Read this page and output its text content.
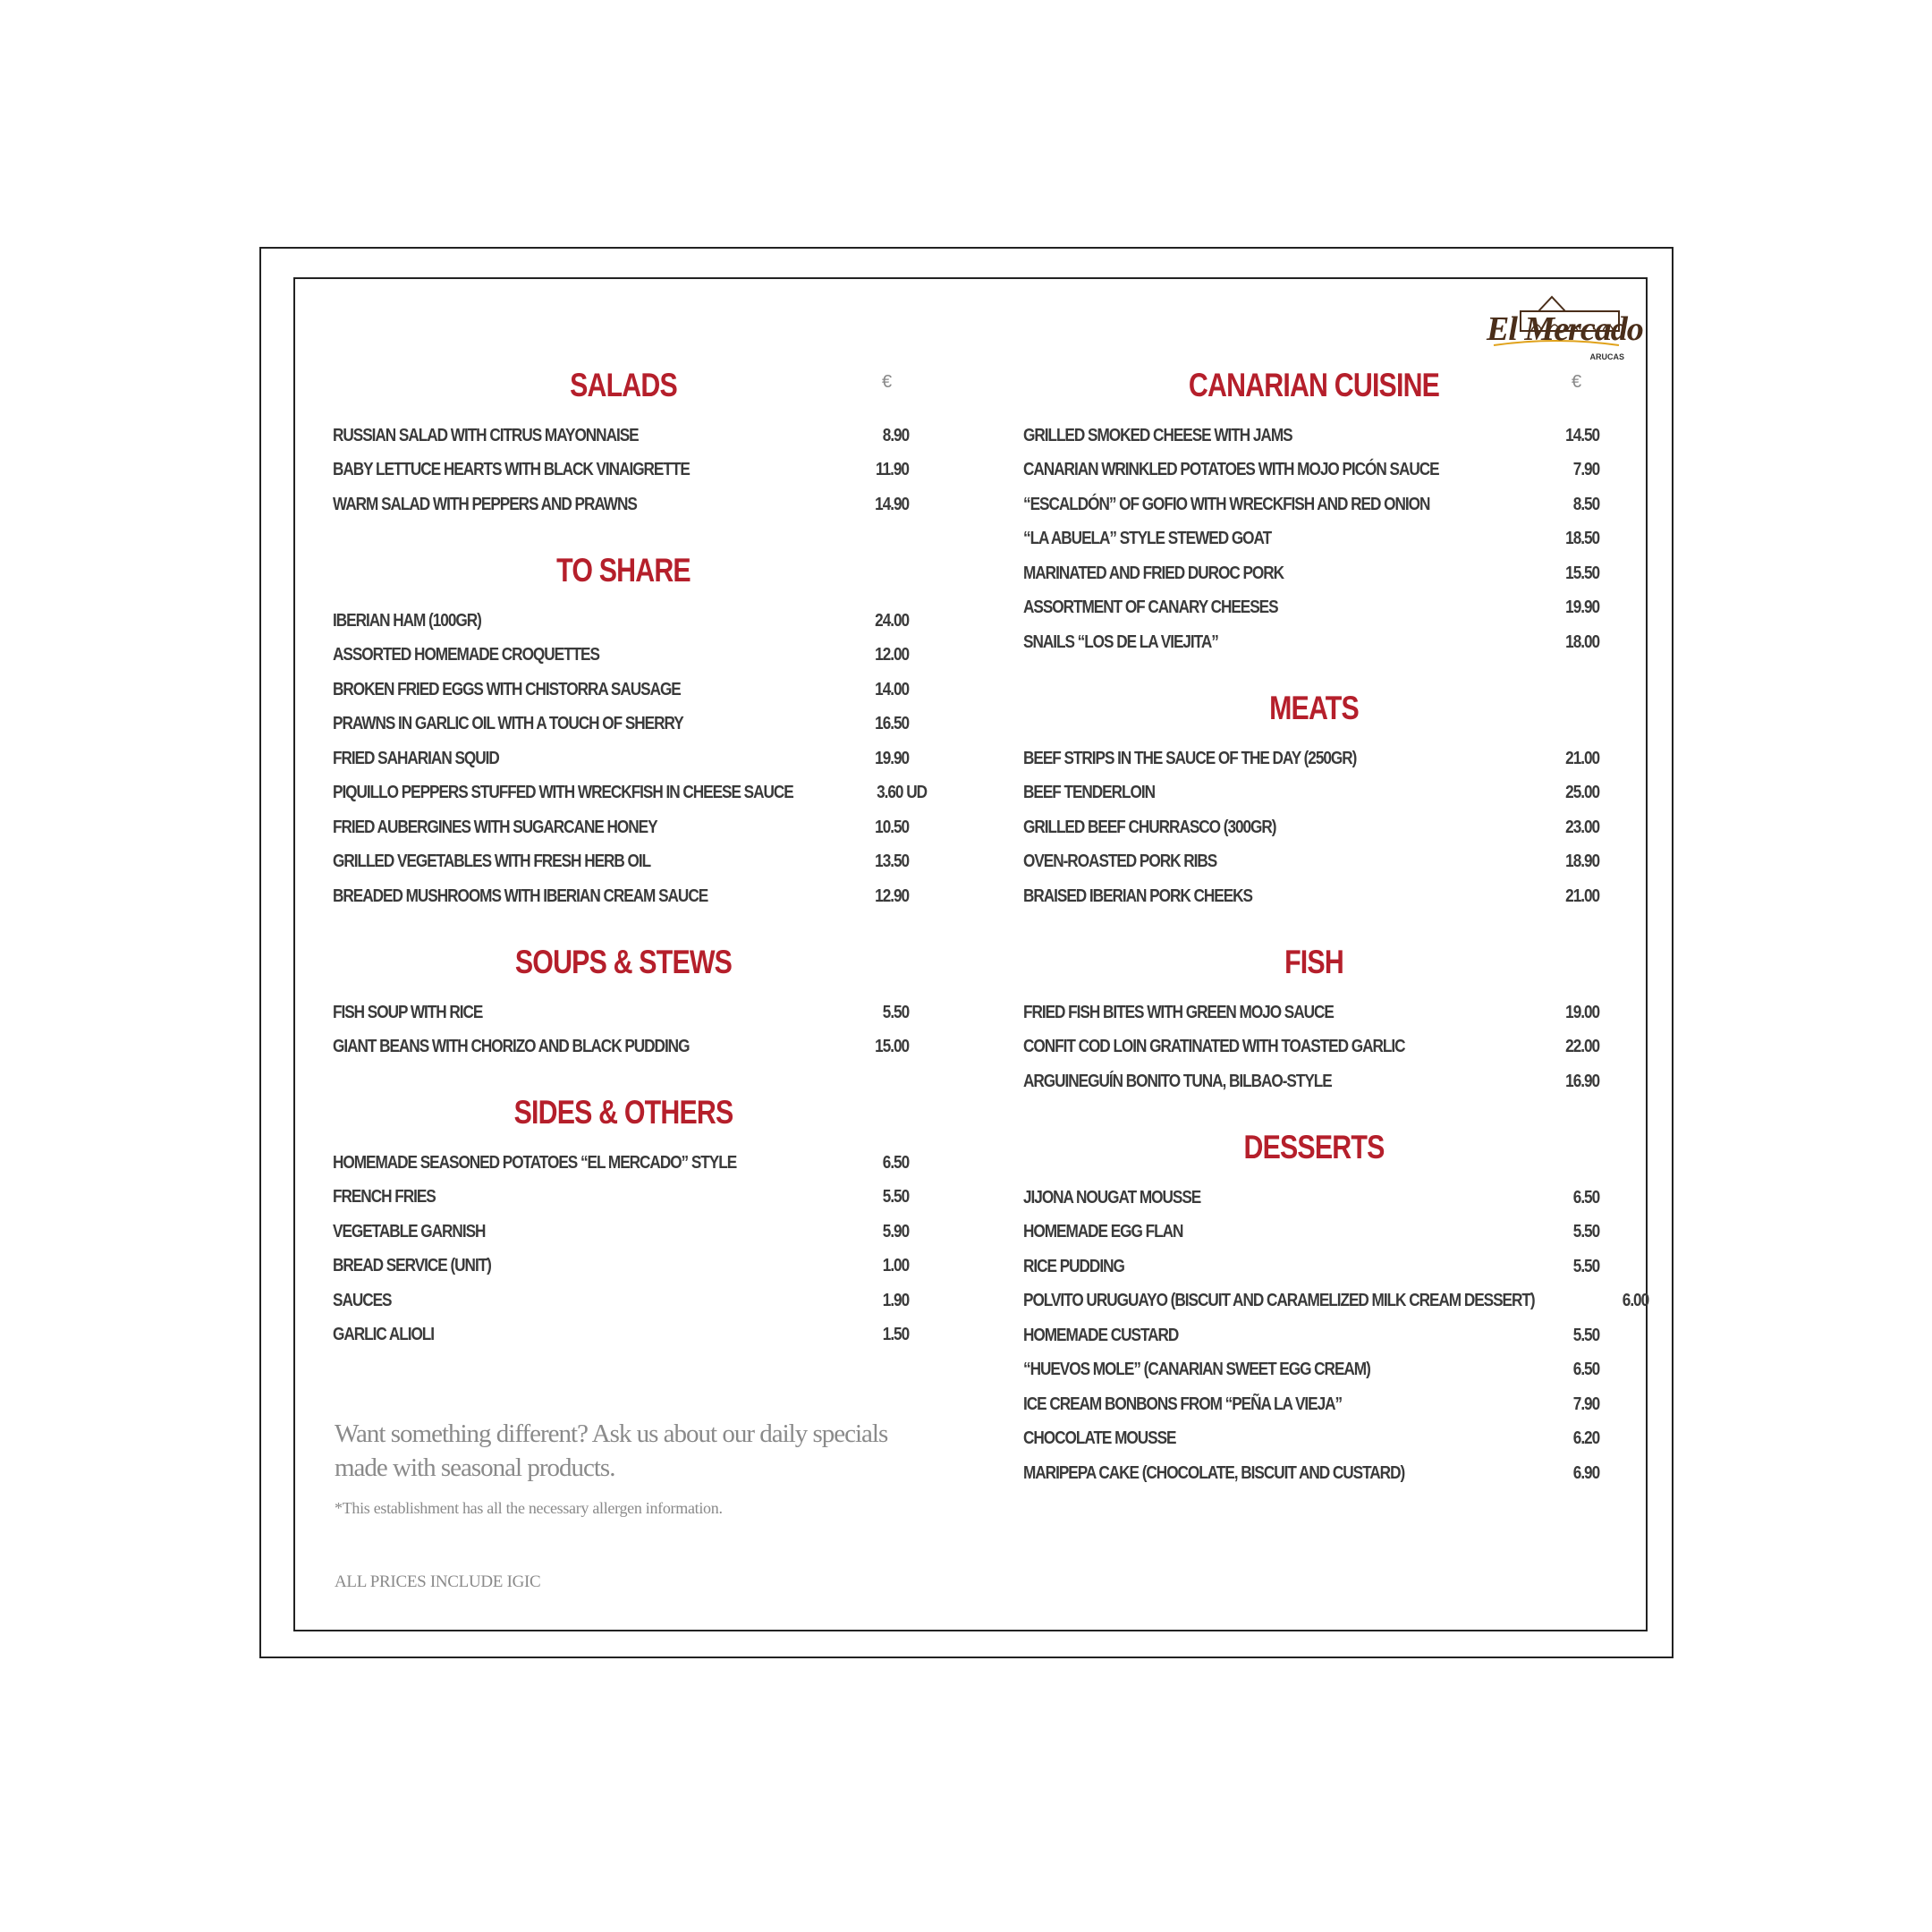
El Mercado
ARUCAS
SALADS	€
RUSSIAN SALAD WITH CITRUS MAYONNAISE	8.90
BABY LETTUCE HEARTS WITH BLACK VINAIGRETTE	11.90
WARM SALAD WITH PEPPERS AND PRAWNS	14.90
TO SHARE
IBERIAN HAM (100GR)	24.00
ASSORTED HOMEMADE CROQUETTES	12.00
BROKEN FRIED EGGS WITH CHISTORRA SAUSAGE	14.00
PRAWNS IN GARLIC OIL WITH A TOUCH OF SHERRY	16.50
FRIED SAHARIAN SQUID	19.90
PIQUILLO PEPPERS STUFFED WITH WRECKFISH IN CHEESE SAUCE	3.60 UD
FRIED AUBERGINES WITH SUGARCANE HONEY	10.50
GRILLED VEGETABLES WITH FRESH HERB OIL	13.50
BREADED MUSHROOMS WITH IBERIAN CREAM SAUCE	12.90
SOUPS & STEWS
FISH SOUP WITH RICE	5.50
GIANT BEANS WITH CHORIZO AND BLACK PUDDING	15.00
SIDES & OTHERS
HOMEMADE SEASONED POTATOES “EL MERCADO” STYLE	6.50
FRENCH FRIES	5.50
VEGETABLE GARNISH	5.90
BREAD SERVICE (UNIT)	1.00
SAUCES	1.90
GARLIC ALIOLI	1.50

Want something different? Ask us about our daily specials made with seasonal products.

*This establishment has all the necessary allergen information.
ALL PRICES INCLUDE IGIC
CANARIAN CUISINE	€
GRILLED SMOKED CHEESE WITH JAMS	14.50
CANARIAN WRINKLED POTATOES WITH MOJO PICÓN SAUCE	7.90
“ESCALDÓN” OF GOFIO WITH WRECKFISH AND RED ONION	8.50
“LA ABUELA” STYLE STEWED GOAT	18.50
MARINATED AND FRIED DUROC PORK	15.50
ASSORTMENT OF CANARY CHEESES	19.90
SNAILS “LOS DE LA VIEJITA”	18.00
MEATS
BEEF STRIPS IN THE SAUCE OF THE DAY (250GR)	21.00
BEEF TENDERLOIN	25.00
GRILLED BEEF CHURRASCO (300GR)	23.00
OVEN-ROASTED PORK RIBS	18.90
BRAISED IBERIAN PORK CHEEKS	21.00
FISH
FRIED FISH BITES WITH GREEN MOJO SAUCE	19.00
CONFIT COD LOIN GRATINATED WITH TOASTED GARLIC	22.00
ARGUINEGUÍN BONITO TUNA, BILBAO-STYLE	16.90
DESSERTS
JIJONA NOUGAT MOUSSE	6.50
HOMEMADE EGG FLAN	5.50
RICE PUDDING	5.50
POLVITO URUGUAYO (BISCUIT AND CARAMELIZED MILK CREAM DESSERT)	6.00
HOMEMADE CUSTARD	5.50
“HUEVOS MOLE” (CANARIAN SWEET EGG CREAM)	6.50
ICE CREAM BONBONS FROM “PEÑA LA VIEJA”	7.90
CHOCOLATE MOUSSE	6.20
MARIPEPA CAKE (CHOCOLATE, BISCUIT AND CUSTARD)	6.90
